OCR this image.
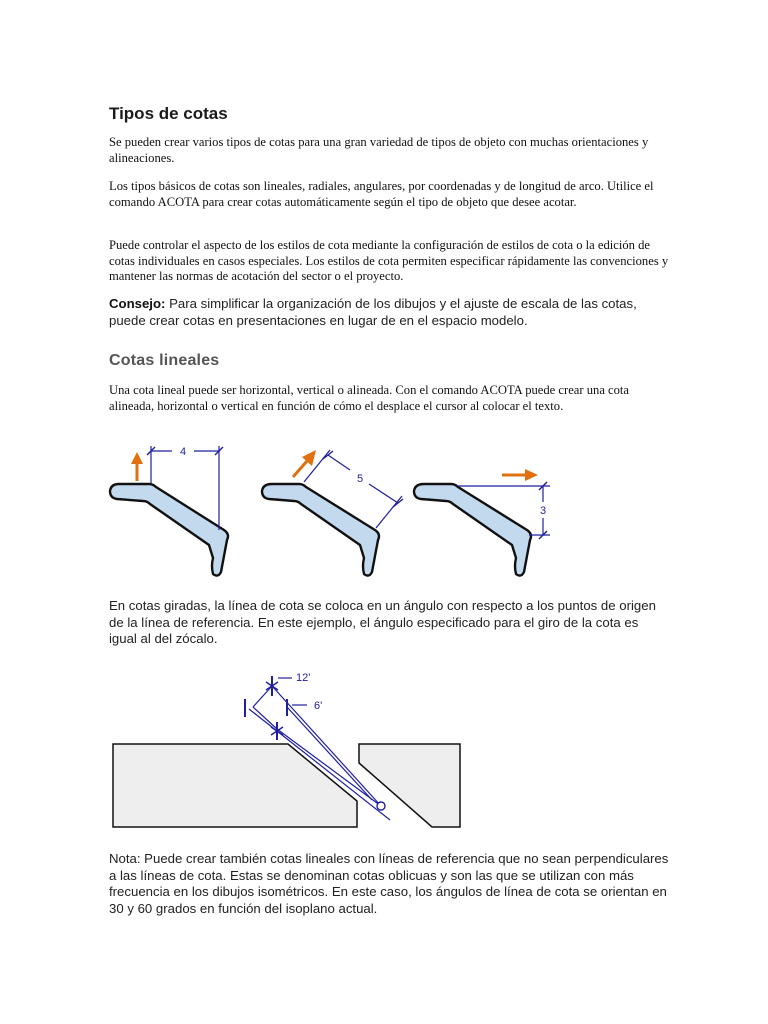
Tipos de cotas

Se pueden crear varios tipos de cotas para una gran variedad de tipos de objeto con muchas orientaciones y alineaciones.

Los tipos básicos de cotas son lineales, radiales, angulares, por coordenadas y de longitud de arco. Utilice el comando ACOTA para crear cotas automáticamente según el tipo de objeto que desee acotar.

Puede controlar el aspecto de los estilos de cota mediante la configuración de estilos de cota o la edición de cotas individuales en casos especiales. Los estilos de cota permiten especificar rápidamente las convenciones y mantener las normas de acotación del sector o el proyecto.

Consejo: Para simplificar la organización de los dibujos y el ajuste de escala de las cotas, puede crear cotas en presentaciones en lugar de en el espacio modelo.

Cotas lineales

Una cota lineal puede ser horizontal, vertical o alineada. Con el comando ACOTA puede crear una cota alineada, horizontal o vertical en función de cómo el desplace el cursor al colocar el texto.

4
5
3

En cotas giradas, la línea de cota se coloca en un ángulo con respecto a los puntos de origen de la línea de referencia. En este ejemplo, el ángulo especificado para el giro de la cota es igual al del zócalo.

12'
6'

Nota: Puede crear también cotas lineales con líneas de referencia que no sean perpendiculares a las líneas de cota. Estas se denominan cotas oblicuas y son las que se utilizan con más frecuencia en los dibujos isométricos. En este caso, los ángulos de línea de cota se orientan en 30 y 60 grados en función del isoplano actual.
